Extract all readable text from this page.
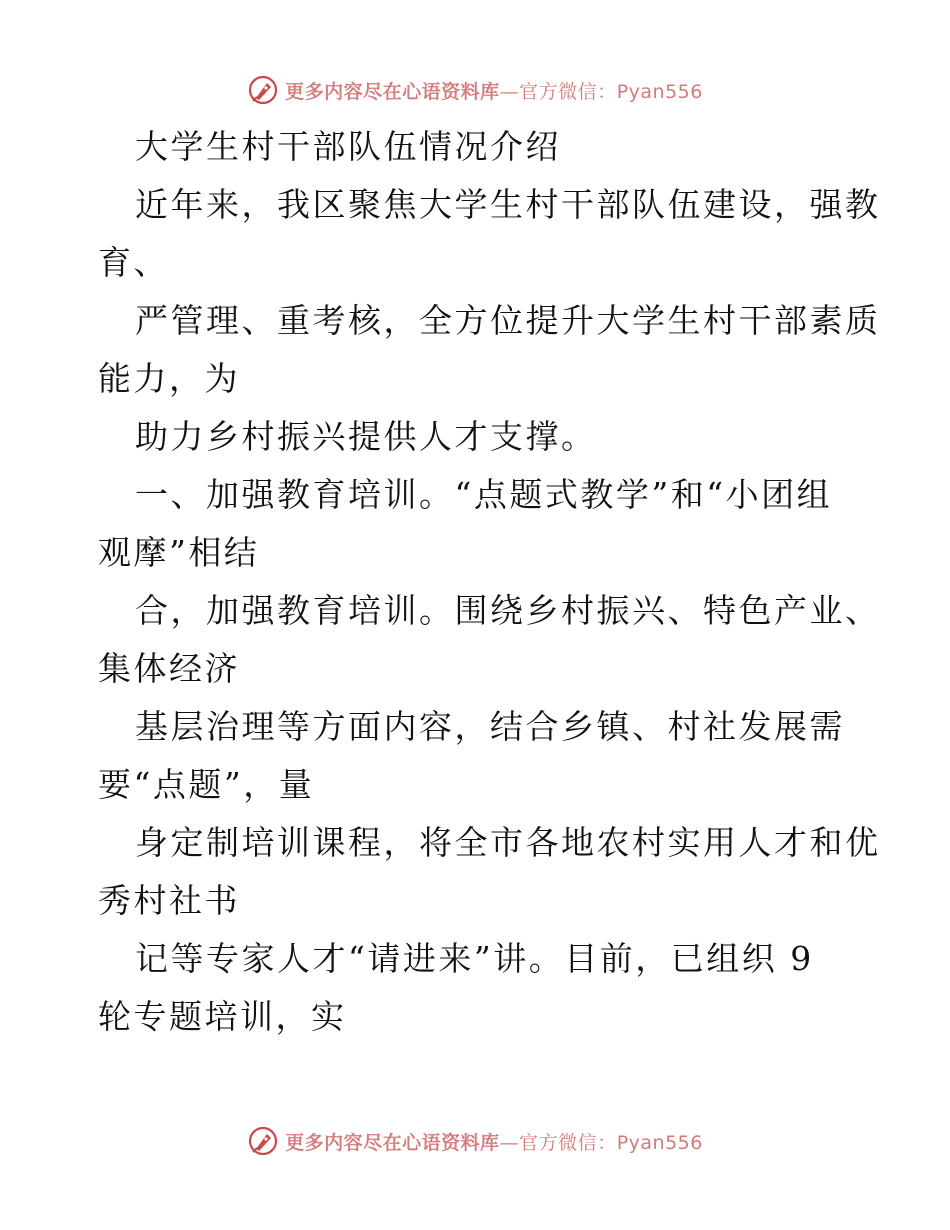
更多内容尽在心语资料库—官方微信：Pyan556
大学生村干部队伍情况介绍
近年来，我区聚焦大学生村干部队伍建设，强教
育、
严管理、重考核，全方位提升大学生村干部素质
能力，为
助力乡村振兴提供人才支撑。
一、加强教育培训。“点题式教学”和“小团组
观摩”相结
合，加强教育培训。围绕乡村振兴、特色产业、
集体经济
基层治理等方面内容，结合乡镇、村社发展需
要“点题”，量
身定制培训课程，将全市各地农村实用人才和优
秀村社书
记等专家人才“请进来”讲。目前，已组织 9
轮专题培训，实
更多内容尽在心语资料库—官方微信：Pyan556
